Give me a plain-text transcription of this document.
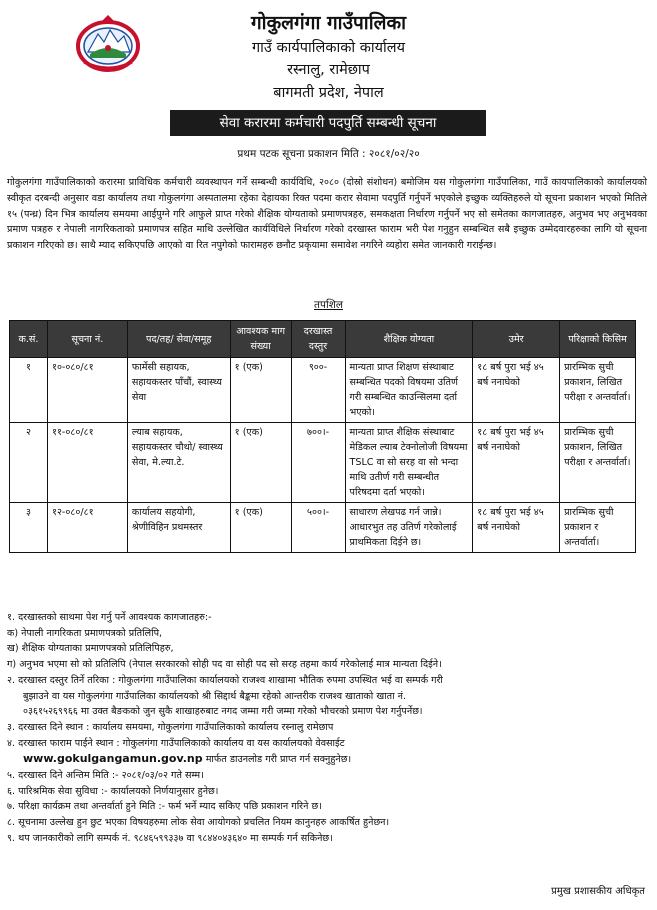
गोकुलगंगा गाउँपालिका
गाउँ कार्यपालिकाको कार्यालय
रस्नालु, रामेछाप
बागमती प्रदेश, नेपाल
सेवा करारमा कर्मचारी पदपुर्ति सम्बन्धी सूचना
प्रथम पटक सूचना प्रकाशन मिति : २०८१/०२/२०
गोकुलगंगा गाउँपालिकाको करारमा प्राविधिक कर्मचारी व्यवस्थापन गर्ने सम्बन्धी कार्यविधि, २०८० (दोस्रो संशोधन) बमोजिम यस गोकुलगंगा गाउँपालिका, गाउँ कायपालिकाको कार्यालयको स्वीकृत दरबन्दी अनुसार वडा कार्यालय तथा गोकुलगंगा अस्पतालमा रहेका देहायका रिक्त पदमा करार सेवामा पदपुर्ति गर्नुपर्ने भएकोले इच्छुक व्यक्तिहरुले यो सूचना प्रकाशन भएको मितिले १५ (पन्ध्र) दिन भित्र कार्यालय समयमा आईपुग्ने गरि आफुले प्राप्त गरेको शैक्षिक योग्यताको प्रमाणपत्रहरु, समकक्षता निर्धारण गर्नुपर्ने भए सो समेतका कागजातहरु, अनुभव भए अनुभवका प्रमाण पत्रहरु र नेपाली नागरिकताको प्रमाणपत्र सहित माथि उल्लेखित कार्यविधिले निर्धारण गरेको दरखास्त फाराम भरी पेश गनुहुन सम्बन्धित सबै इच्छुक उम्मेदवारहरुका लागि यो सूचना प्रकाशन गरिएको छ। साथै म्याद सकिएपछि आएको वा रित नपुगेको फारामहरु छनौट प्रकृयामा समावेश नगरिने व्यहोरा समेत जानकारी गराईन्छ।
तपशिल
क.सं.	सूचना नं.	पद/तह/ सेवा/समूह	आवश्यक माग संख्या	दरखास्त दस्तुर	शैक्षिक योग्यता	उमेर	परिक्षाको किसिम
१	१०-०८०/८१	फार्मेसी सहायक, सहायकस्तर पाँचौं, स्वास्थ्य सेवा	१ (एक)	९००-	मान्यता प्राप्त शिक्षण संस्थाबाट सम्बन्धित पदको विषयमा उतिर्ण गरी सम्बन्धित काउन्सिलमा दर्ता भएको।	१८ बर्ष पुरा भई ४५ बर्ष ननाघेको	प्रारम्भिक सुची प्रकाशन, लिखित परीक्षा र अन्तर्वार्ता।
२	११-०८०/८१	ल्याब सहायक, सहायकस्तर चौथो/ स्वास्थ्य सेवा, मे.ल्या.टे.	१ (एक)	७००।-	मान्यता प्राप्त शैक्षिक संस्थाबाट मेडिकल ल्याब टेक्नोलोजी विषयमा TSLC वा सो सरह वा सो भन्दा माथि उतीर्ण गरी सम्बन्धीत परिषदमा दर्ता भएको।	१८ बर्ष पुरा भई ४५ बर्ष ननाघेको	प्रारम्भिक सुची प्रकाशन, लिखित परीक्षा र अन्तर्वार्ता।
३	१२-०८०/८१	कार्यालय सहयोगी, श्रेणीविहिन प्रथमस्तर	१ (एक)	५००।-	साधारण लेखपढ गर्न जान्ने। आधारभुत तह उतिर्ण गरेकोलाई प्राथमिकता दिईने छ।	१८ बर्ष पुरा भई ४५ बर्ष ननाघेको	प्रारम्भिक सुची प्रकाशन र अन्तर्वार्ता।

१. दरखास्तको साथमा पेश गर्नु पर्ने आवश्यक कागजातहरु:-

क) नेपाली नागरिकता प्रमाणपत्रको प्रतिलिपि,

ख) शैक्षिक योग्यताका प्रमाणपत्रको प्रतिलिपिहरु,

ग) अनुभव भएमा सो को प्रतिलिपि (नेपाल सरकारको सोही पद वा सोही पद सो सरह तहमा कार्य गरेकोलाई मात्र मान्यता दिईने।

२. दरखास्त दस्तुर तिर्ने तरिका : गोकुलगंगा गाउँपालिका कार्यालयको राजश्व शाखामा भौतिक रुपमा उपस्थित भई वा सम्पर्क गरी

बुझाउने वा यस गोकुलगंगा गाउँपालिका कार्यालयको श्री सिद्दार्थ बैङ्कमा रहेको आन्तरीक राजश्व खाताको खाता नं.

०३६१५२६९९६६ मा उक्त बैङकको जुन सुकै शाखाहरुबाट नगद जम्मा गरी जम्मा गरेको भौचरको प्रमाण पेश गर्नुपर्नेछ।

३. दरखास्त दिने स्थान : कार्यालय समयमा, गोकुलगंगा गाउँपालिकाको कार्यालय रस्नालु रामेछाप

४. दरखास्त फाराम पाईने स्थान : गोकुलगंगा गाउँपालिकाको कार्यालय वा यस कार्यालयको वेवसाईट

www.gokulgangamun.gov.np मार्फत डाउनलोड गरी प्राप्त गर्न सक्नुहुनेछ।

५. दरखास्त दिने अन्तिम मिति :- २०८१/०३/०२ गते सम्म।

६. पारिश्रमिक सेवा सुविधा :- कार्यालयको निर्णयानुसार हुनेछ।

७. परिक्षा कार्यक्रम तथा अन्तर्वार्ता हुने मिति :- फर्म भर्ने म्याद सकिए पछि प्रकाशन गरिने छ।

८. सूचनामा उल्लेख हुन छुट भएका विषयहरुमा लोक सेवा आयोगको प्रचलित नियम कानुनहरु आकर्षित हुनेछन।

९. थप जानकारीको लागि सम्पर्क नं. ९८४६५९९३३७ वा ९८४४०४३६४० मा सम्पर्क गर्न सकिनेछ।

प्रमुख प्रशासकीय अधिकृत
